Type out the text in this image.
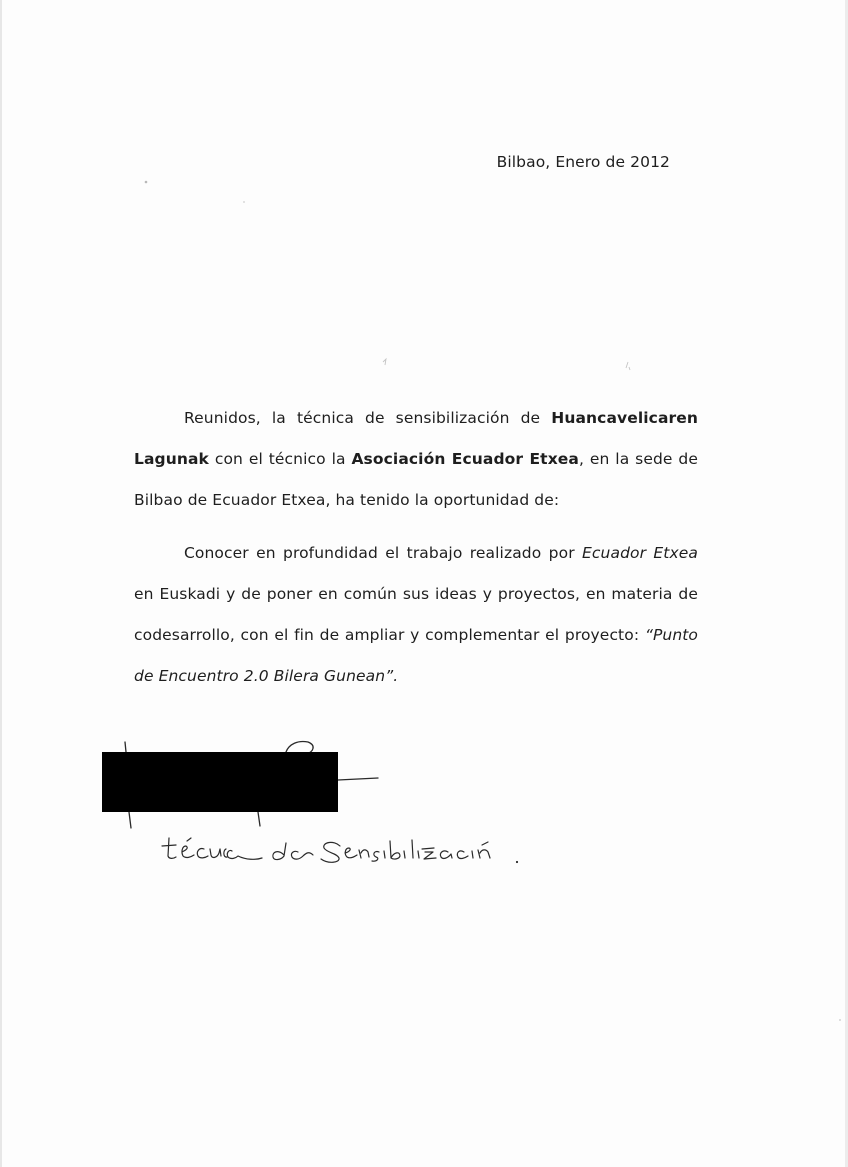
Bilbao, Enero de 2012

Reunidos, la técnica de sensibilización de Huancavelicaren Lagunak con el técnico la Asociación Ecuador Etxea, en la sede de Bilbao de Ecuador Etxea, ha tenido la oportunidad de:

Conocer en profundidad el trabajo realizado por Ecuador Etxea en Euskadi y de poner en común sus ideas y proyectos, en materia de codesarrollo, con el fin de ampliar y complementar el proyecto: “Punto de Encuentro 2.0 Bilera Gunean”.
